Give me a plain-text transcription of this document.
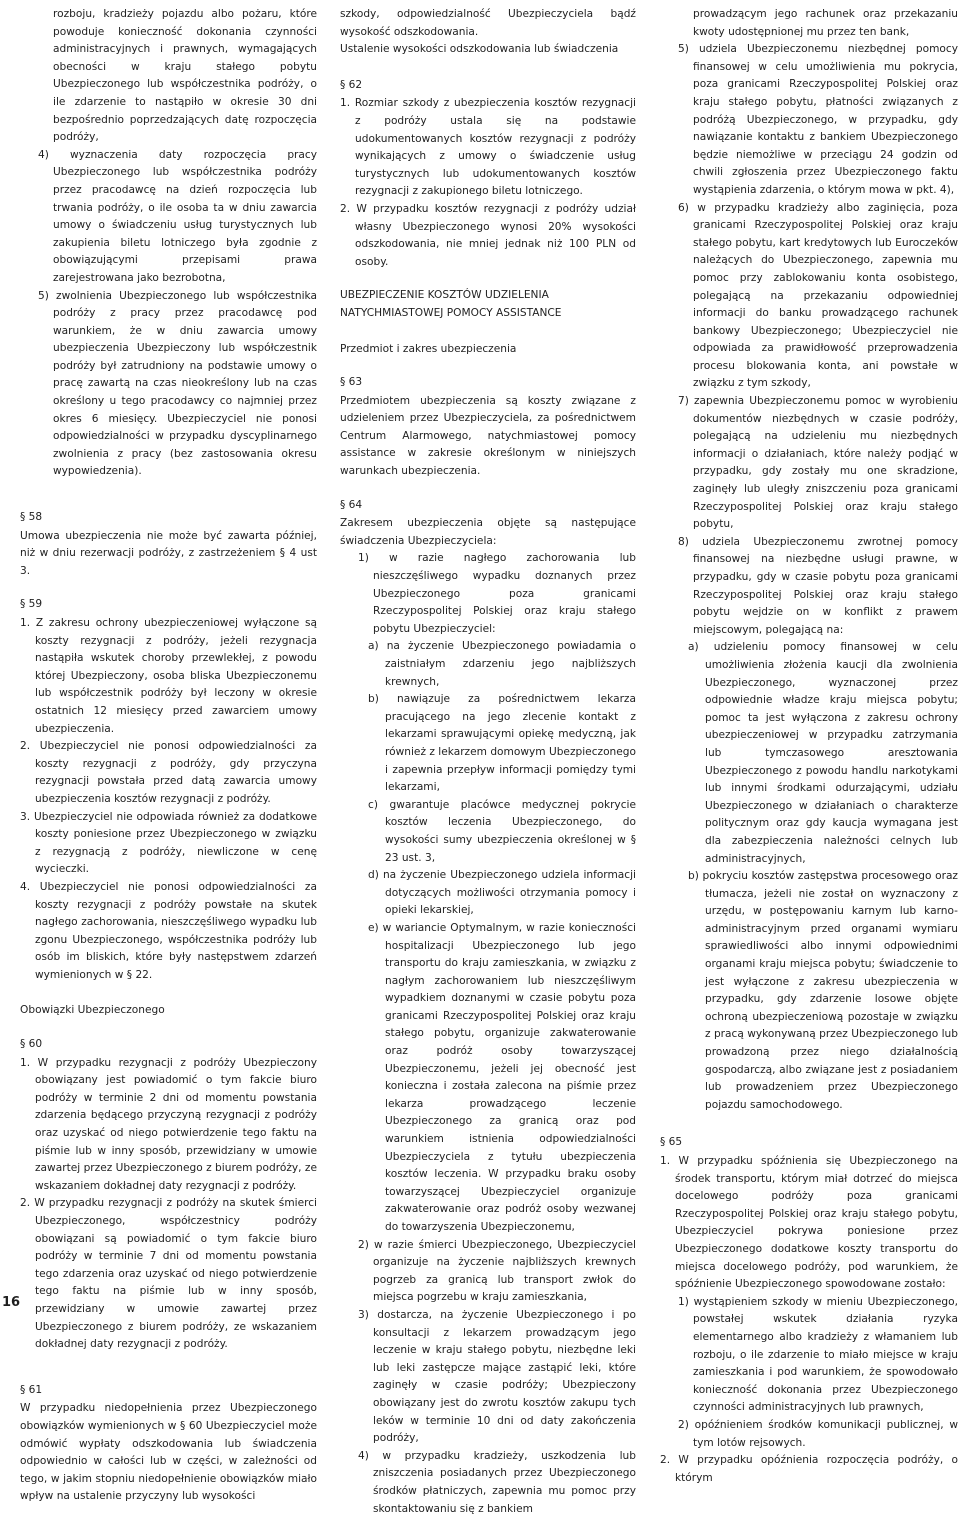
rozboju, kradzieży pojazdu albo pożaru, które powoduje konieczność dokonania czynności administracyjnych i prawnych, wymagających obecności w kraju stałego pobytu Ubezpieczonego lub współczestnika podróży, o ile zdarzenie to nastąpiło w okresie 30 dni bezpośrednio poprzedzających datę rozpoczęcia podróży,

4) wyznaczenia daty rozpoczęcia pracy Ubezpieczonego lub współczestnika podróży przez pracodawcę na dzień rozpoczęcia lub trwania podróży, o ile osoba ta w dniu zawarcia umowy o świadczeniu usług turystycznych lub zakupienia biletu lotniczego była zgodnie z obowiązującymi przepisami prawa zarejestrowana jako bezrobotna,

5) zwolnienia Ubezpieczonego lub współczestnika podróży z pracy przez pracodawcę pod warunkiem, że w dniu zawarcia umowy ubezpieczenia Ubezpieczony lub współczestnik podróży był zatrudniony na podstawie umowy o pracę zawartą na czas nieokreślony lub na czas określony u tego pracodawcy co najmniej przez okres 6 miesięcy. Ubezpieczyciel nie ponosi odpowiedzialności w przypadku dyscyplinarnego zwolnienia z pracy (bez zastosowania okresu wypowiedzenia).

§ 58

Umowa ubezpieczenia nie może być zawarta później, niż w dniu rezerwacji podróży, z zastrzeżeniem § 4 ust 3.

§ 59

1. Z zakresu ochrony ubezpieczeniowej wyłączone są koszty rezygnacji z podróży, jeżeli rezygnacja nastąpiła wskutek choroby przewlekłej, z powodu której Ubezpieczony, osoba bliska Ubezpieczonemu lub współczestnik podróży był leczony w okresie ostatnich 12 miesięcy przed zawarciem umowy ubezpieczenia.

2. Ubezpieczyciel nie ponosi odpowiedzialności za koszty rezygnacji z podróży, gdy przyczyna rezygnacji powstała przed datą zawarcia umowy ubezpieczenia kosztów rezygnacji z podróży.

3. Ubezpieczyciel nie odpowiada również za dodatkowe koszty poniesione przez Ubezpieczonego w związku z rezygnacją z podróży, niewliczone w cenę wycieczki.

4. Ubezpieczyciel nie ponosi odpowiedzialności za koszty rezygnacji z podróży powstałe na skutek nagłego zachorowania, nieszczęśliwego wypadku lub zgonu Ubezpieczonego, współczestnika podróży lub osób im bliskich, które były następstwem zdarzeń wymienionych w § 22.

Obowiązki Ubezpieczonego
§ 60

1. W przypadku rezygnacji z podróży Ubezpieczony obowiązany jest powiadomić o tym fakcie biuro podróży w terminie 2 dni od momentu powstania zdarzenia będącego przyczyną rezygnacji z podróży oraz uzyskać od niego potwierdzenie tego faktu na piśmie lub w inny sposób, przewidziany w umowie zawartej przez Ubezpieczonego z biurem podróży, ze wskazaniem dokładnej daty rezygnacji z podróży.

2. W przypadku rezygnacji z podróży na skutek śmierci Ubezpieczonego, współczestnicy podróży obowiązani są powiadomić o tym fakcie biuro podróży w terminie 7 dni od momentu powstania tego zdarzenia oraz uzyskać od niego potwierdzenie tego faktu na piśmie lub w inny sposób, przewidziany w umowie zawartej przez Ubezpieczonego z biurem podróży, ze wskazaniem dokładnej daty rezygnacji z podróży.

§ 61

W przypadku niedopełnienia przez Ubezpieczonego obowiązków wymienionych w § 60 Ubezpieczyciel może odmówić wypłaty odszkodowania lub świadczenia odpowiednio w całości lub w części, w zależności od tego, w jakim stopniu niedopełnienie obowiązków miało wpływ na ustalenie przyczyny lub wysokości

szkody, odpowiedzialność Ubezpieczyciela bądź wysokość odszkodowania.

Ustalenie wysokości odszkodowania lub świadczenia
§ 62

1. Rozmiar szkody z ubezpieczenia kosztów rezygnacji z podróży ustala się na podstawie udokumentowanych kosztów rezygnacji z podróży wynikających z umowy o świadczenie usług turystycznych lub udokumentowanych kosztów rezygnacji z zakupionego biletu lotniczego.

2. W przypadku kosztów rezygnacji z podróży udział własny Ubezpieczonego wynosi 20% wysokości odszkodowania, nie mniej jednak niż 100 PLN od osoby.

UBEZPIECZENIE KOSZTÓW UDZIELENIA NATYCHMIASTOWEJ POMOCY ASSISTANCE
Przedmiot i zakres ubezpieczenia
§ 63

Przedmiotem ubezpieczenia są koszty związane z udzieleniem przez Ubezpieczyciela, za pośrednictwem Centrum Alarmowego, natychmiastowej pomocy assistance w zakresie określonym w niniejszych warunkach ubezpieczenia.

§ 64

Zakresem ubezpieczenia objęte są następujące świadczenia Ubezpieczyciela:

1) w razie nagłego zachorowania lub nieszczęśliwego wypadku doznanych przez Ubezpieczonego poza granicami Rzeczypospolitej Polskiej oraz kraju stałego pobytu Ubezpieczyciel:

a) na życzenie Ubezpieczonego powiadamia o zaistniałym zdarzeniu jego najbliższych krewnych,

b) nawiązuje za pośrednictwem lekarza pracującego na jego zlecenie kontakt z lekarzami sprawującymi opiekę medyczną, jak również z lekarzem domowym Ubezpieczonego i zapewnia przepływ informacji pomiędzy tymi lekarzami,

c) gwarantuje placówce medycznej pokrycie kosztów leczenia Ubezpieczonego, do wysokości sumy ubezpieczenia określonej w § 23 ust. 3,

d) na życzenie Ubezpieczonego udziela informacji dotyczących możliwości otrzymania pomocy i opieki lekarskiej,

e) w wariancie Optymalnym, w razie konieczności hospitalizacji Ubezpieczonego lub jego transportu do kraju zamieszkania, w związku z nagłym zachorowaniem lub nieszczęśliwym wypadkiem doznanymi w czasie pobytu poza granicami Rzeczypospolitej Polskiej oraz kraju stałego pobytu, organizuje zakwaterowanie oraz podróż osoby towarzyszącej Ubezpieczonemu, jeżeli jej obecność jest konieczna i została zalecona na piśmie przez lekarza prowadzącego leczenie Ubezpieczonego za granicą oraz pod warunkiem istnienia odpowiedzialności Ubezpieczyciela z tytułu ubezpieczenia kosztów leczenia. W przypadku braku osoby towarzyszącej Ubezpieczyciel organizuje zakwaterowanie oraz podróż osoby wezwanej do towarzyszenia Ubezpieczonemu,

2) w razie śmierci Ubezpieczonego, Ubezpieczyciel organizuje na życzenie najbliższych krewnych pogrzeb za granicą lub transport zwłok do miejsca pogrzebu w kraju zamieszkania,

3) dostarcza, na życzenie Ubezpieczonego i po konsultacji z lekarzem prowadzącym jego leczenie w kraju stałego pobytu, niezbędne leki lub leki zastępcze mające zastąpić leki, które zaginęły w czasie podróży; Ubezpieczony obowiązany jest do zwrotu kosztów zakupu tych leków w terminie 10 dni od daty zakończenia podróży,

4) w przypadku kradzieży, uszkodzenia lub zniszczenia posiadanych przez Ubezpieczonego środków płatniczych, zapewnia mu pomoc przy skontaktowaniu się z bankiem

prowadzącym jego rachunek oraz przekazaniu kwoty udostępnionej mu przez ten bank,

5) udziela Ubezpieczonemu niezbędnej pomocy finansowej w celu umożliwienia mu pokrycia, poza granicami Rzeczypospolitej Polskiej oraz kraju stałego pobytu, płatności związanych z podróżą Ubezpieczonego, w przypadku, gdy nawiązanie kontaktu z bankiem Ubezpieczonego będzie niemożliwe w przeciągu 24 godzin od chwili zgłoszenia przez Ubezpieczonego faktu wystąpienia zdarzenia, o którym mowa w pkt. 4),

6) w przypadku kradzieży albo zaginięcia, poza granicami Rzeczypospolitej Polskiej oraz kraju stałego pobytu, kart kredytowych lub Euroczeków należących do Ubezpieczonego, zapewnia mu pomoc przy zablokowaniu konta osobistego, polegającą na przekazaniu odpowiedniej informacji do banku prowadzącego rachunek bankowy Ubezpieczonego; Ubezpieczyciel nie odpowiada za prawidłowość przeprowadzenia procesu blokowania konta, ani powstałe w związku z tym szkody,

7) zapewnia Ubezpieczonemu pomoc w wyrobieniu dokumentów niezbędnych w czasie podróży, polegającą na udzieleniu mu niezbędnych informacji o działaniach, które należy podjąć w przypadku, gdy zostały mu one skradzione, zaginęły lub uległy zniszczeniu poza granicami Rzeczypospolitej Polskiej oraz kraju stałego pobytu,

8) udziela Ubezpieczonemu zwrotnej pomocy finansowej na niezbędne usługi prawne, w przypadku, gdy w czasie pobytu poza granicami Rzeczypospolitej Polskiej oraz kraju stałego pobytu wejdzie on w konflikt z prawem miejscowym, polegającą na:

a) udzieleniu pomocy finansowej w celu umożliwienia złożenia kaucji dla zwolnienia Ubezpieczonego, wyznaczonej przez odpowiednie władze kraju miejsca pobytu; pomoc ta jest wyłączona z zakresu ochrony ubezpieczeniowej w przypadku zatrzymania lub tymczasowego aresztowania Ubezpieczonego z powodu handlu narkotykami lub innymi środkami odurzającymi, udziału Ubezpieczonego w działaniach o charakterze politycznym oraz gdy kaucja wymagana jest dla zabezpieczenia należności celnych lub administracyjnych,

b) pokryciu kosztów zastępstwa procesowego oraz tłumacza, jeżeli nie został on wyznaczony z urzędu, w postępowaniu karnym lub karno-administracyjnym przed organami wymiaru sprawiedliwości albo innymi odpowiednimi organami kraju miejsca pobytu; świadczenie to jest wyłączone z zakresu ubezpieczenia w przypadku, gdy zdarzenie losowe objęte ochroną ubezpieczeniową pozostaje w związku z pracą wykonywaną przez Ubezpieczonego lub prowadzoną przez niego działalnością gospodarczą, albo związane jest z posiadaniem lub prowadzeniem przez Ubezpieczonego pojazdu samochodowego.

§ 65

1. W przypadku spóźnienia się Ubezpieczonego na środek transportu, którym miał dotrzeć do miejsca docelowego podróży poza granicami Rzeczypospolitej Polskiej oraz kraju stałego pobytu, Ubezpieczyciel pokrywa poniesione przez Ubezpieczonego dodatkowe koszty transportu do miejsca docelowego podróży, pod warunkiem, że spóźnienie Ubezpieczonego spowodowane zostało:

1) wystąpieniem szkody w mieniu Ubezpieczonego, powstałej wskutek działania ryzyka elementarnego albo kradzieży z włamaniem lub rozboju, o ile zdarzenie to miało miejsce w kraju zamieszkania i pod warunkiem, że spowodowało konieczność dokonania przez Ubezpieczonego czynności administracyjnych lub prawnych,

2) opóźnieniem środków komunikacji publicznej, w tym lotów rejsowych.

2. W przypadku opóźnienia rozpoczęcia podróży, o którym

16
